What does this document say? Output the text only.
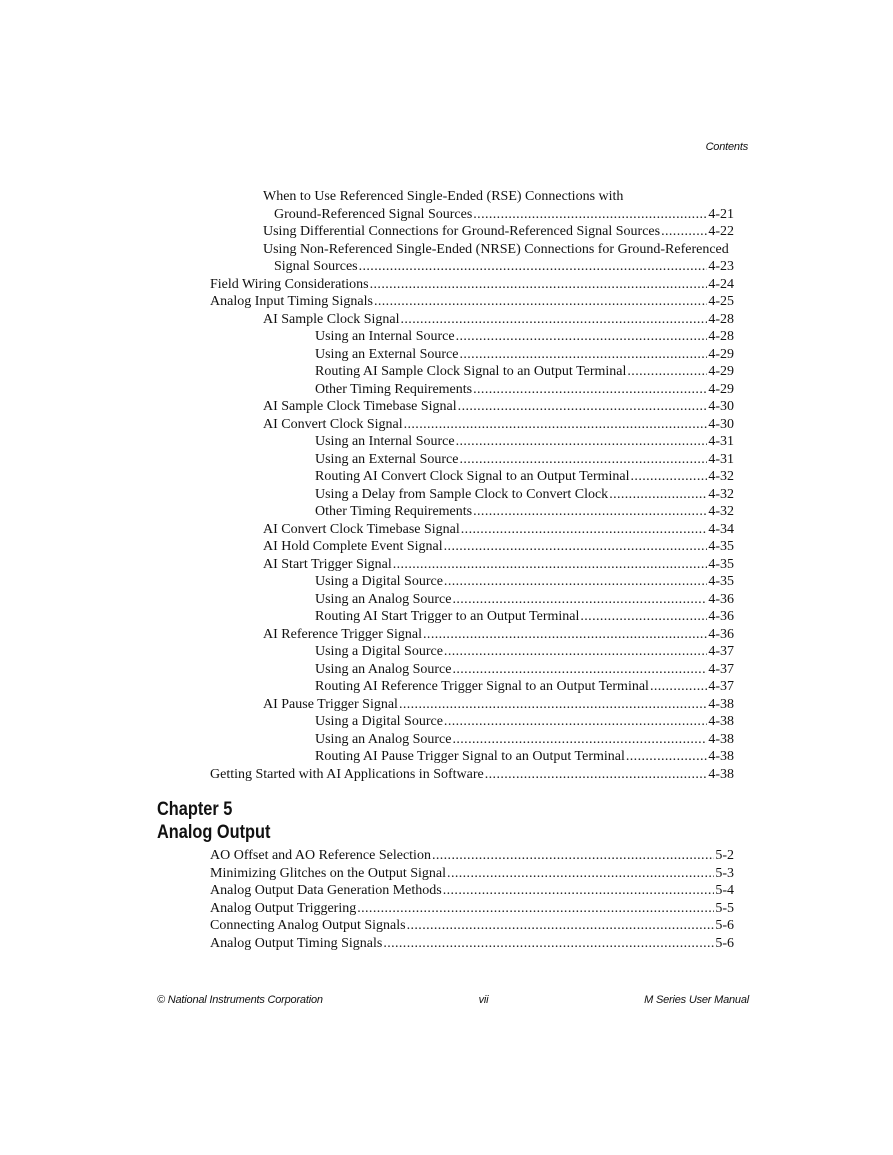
Contents
When to Use Referenced Single-Ended (RSE) Connections with
Ground-Referenced Signal Sources .....	4-21
Using Differential Connections for Ground-Referenced Signal Sources .....	4-22
Using Non-Referenced Single-Ended (NRSE) Connections for Ground-Referenced
Signal Sources .....	4-23
Field Wiring Considerations .....	4-24
Analog Input Timing Signals .....	4-25
AI Sample Clock Signal .....	4-28
Using an Internal Source .....	4-28
Using an External Source .....	4-29
Routing AI Sample Clock Signal to an Output Terminal .....	4-29
Other Timing Requirements .....	4-29
AI Sample Clock Timebase Signal .....	4-30
AI Convert Clock Signal .....	4-30
Using an Internal Source .....	4-31
Using an External Source .....	4-31
Routing AI Convert Clock Signal to an Output Terminal .....	4-32
Using a Delay from Sample Clock to Convert Clock .....	4-32
Other Timing Requirements .....	4-32
AI Convert Clock Timebase Signal .....	4-34
AI Hold Complete Event Signal .....	4-35
AI Start Trigger Signal .....	4-35
Using a Digital Source .....	4-35
Using an Analog Source .....	4-36
Routing AI Start Trigger to an Output Terminal .....	4-36
AI Reference Trigger Signal .....	4-36
Using a Digital Source .....	4-37
Using an Analog Source .....	4-37
Routing AI Reference Trigger Signal to an Output Terminal .....	4-37
AI Pause Trigger Signal .....	4-38
Using a Digital Source .....	4-38
Using an Analog Source .....	4-38
Routing AI Pause Trigger Signal to an Output Terminal .....	4-38
Getting Started with AI Applications in Software .....	4-38
Chapter 5
Analog Output
AO Offset and AO Reference Selection .....	5-2
Minimizing Glitches on the Output Signal .....	5-3
Analog Output Data Generation Methods .....	5-4
Analog Output Triggering .....	5-5
Connecting Analog Output Signals .....	5-6
Analog Output Timing Signals .....	5-6
© National Instruments Corporation	vii	M Series User Manual
